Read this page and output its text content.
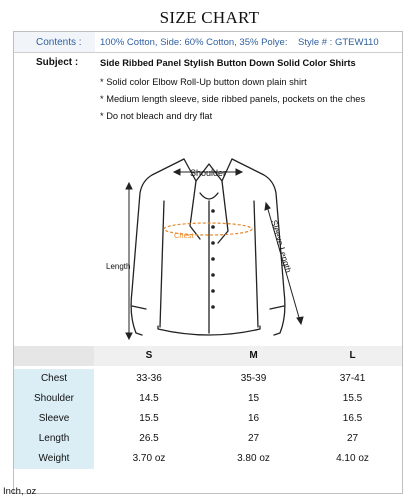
SIZE CHART
Contents :	100% Cotton, Side: 60% Cotton, 35% Polye: Style # : GTEW110
Subject :	Side Ribbed Panel Stylish Button Down Solid Color Shirts
* Solid color Elbow Roll-Up button down plain shirt
* Medium length sleeve, side ribbed panels, pockets on the ches
* Do not bleach and dry flat
Shoulder
Chest
Length	Sleeve Length
S	M	L
Chest	33-36	35-39	37-41
Shoulder	14.5	15	15.5
Sleeve	15.5	16	16.5
Length	26.5	27	27
Weight	3.70 oz	3.80 oz	4.10 oz
Inch, oz
